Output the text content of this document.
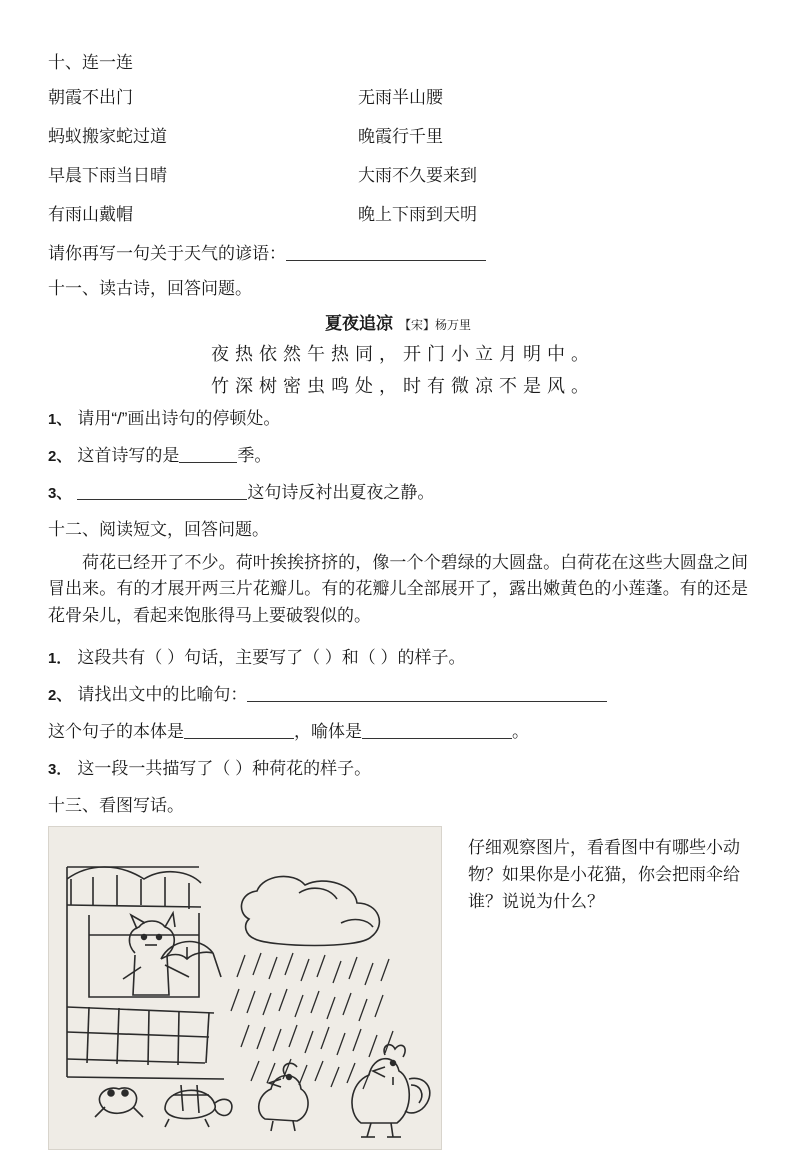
十、连一连
朝霞不出门	无雨半山腰
蚂蚁搬家蛇过道	晚霞行千里
早晨下雨当日晴	大雨不久要来到
有雨山戴帽	晚上下雨到天明
请你再写一句关于天气的谚语：
十一、读古诗，回答问题。
夏夜追凉 【宋】杨万里
夜热依然午热同，开门小立月明中。
竹深树密虫鸣处，时有微凉不是风。
1、 请用“/”画出诗句的停顿处。
2、 这首诗写的是	季。
3、	这句诗反衬出夏夜之静。
十二、阅读短文，回答问题。
荷花已经开了不少。荷叶挨挨挤挤的，像一个个碧绿的大圆盘。白荷花在这些大圆盘之间冒出来。有的才展开两三片花瓣儿。有的花瓣儿全部展开了，露出嫩黄色的小莲蓬。有的还是花骨朵儿，看起来饱胀得马上要破裂似的。
1． 这段共有（ ）句话，主要写了（ ）和（ ）的样子。
2、 请找出文中的比喻句：
这个句子的本体是	，喻体是	。
3． 这一段一共描写了（ ）种荷花的样子。
十三、看图写话。
仔细观察图片，看看图中有哪些小动物？如果你是小花猫，你会把雨伞给谁？说说为什么？
